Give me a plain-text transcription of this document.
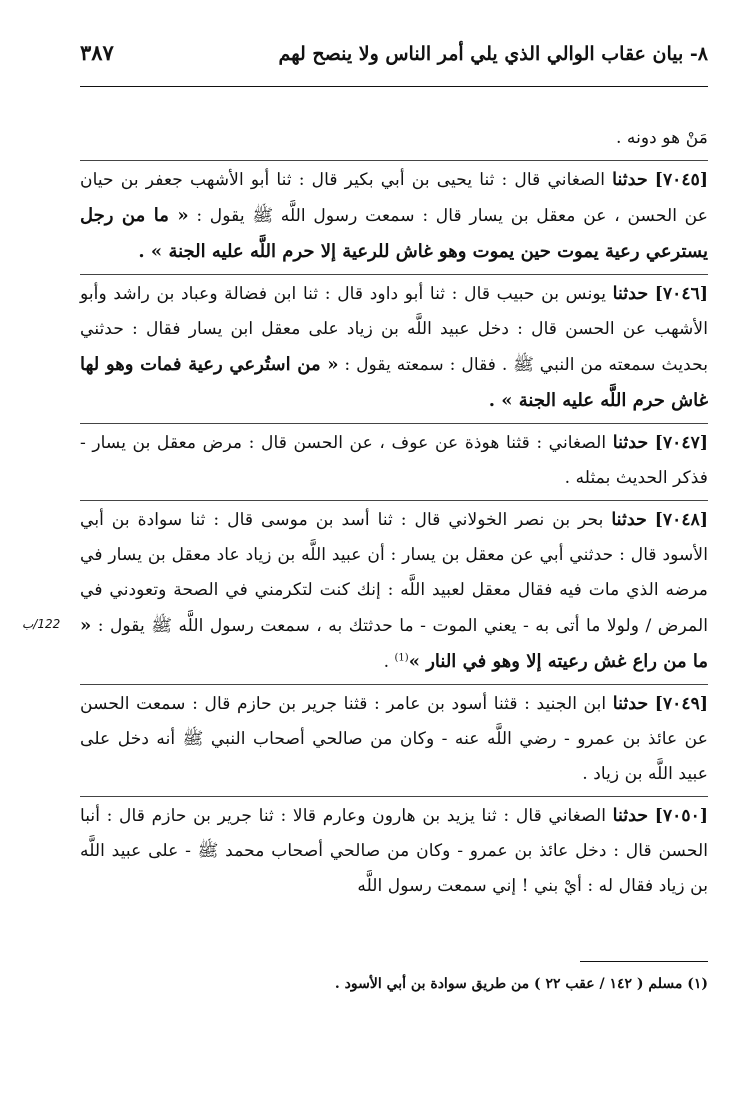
٨- بيان عقاب الوالي الذي يلي أمر الناس ولا ينصح لهم
٣٨٧

مَنْ هو دونه .

[٧٠٤٥] حدثنا الصغاني قال : ثنا يحيى بن أبي بكير قال : ثنا أبو الأشهب جعفر بن حيان عن الحسن ، عن معقل بن يسار قال : سمعت رسول اللَّه ﷺ يقول : « ما من رجل يسترعي رعية يموت حين يموت وهو غاش للرعية إلا حرم اللَّه عليه الجنة » .

[٧٠٤٦] حدثنا يونس بن حبيب قال : ثنا أبو داود قال : ثنا ابن فضالة وعباد بن راشد وأبو الأشهب عن الحسن قال : دخل عبيد اللَّه بن زياد على معقل ابن يسار فقال : حدثني بحديث سمعته من النبي ﷺ . فقال : سمعته يقول : « من استُرعي رعية فمات وهو لها غاش حرم اللَّه عليه الجنة » .

[٧٠٤٧] حدثنا الصغاني : قثنا هوذة عن عوف ، عن الحسن قال : مرض معقل بن يسار - فذكر الحديث بمثله .

[٧٠٤٨] حدثنا بحر بن نصر الخولاني قال : ثنا أسد بن موسى قال : ثنا سوادة بن أبي الأسود قال : حدثني أبي عن معقل بن يسار : أن عبيد اللَّه بن زياد عاد معقل بن يسار في مرضه الذي مات فيه فقال معقل لعبيد اللَّه : إنك كنت لتكرمني في الصحة وتعودني في المرض / ولولا ما أتى به - يعني الموت - ما حدثتك به ، سمعت رسول اللَّه ﷺ يقول : « ما من راع غش رعيته إلا وهو في النار »$^{(1)}$ .

[٧٠٤٩] حدثنا ابن الجنيد : قثنا أسود بن عامر : قثنا جرير بن حازم قال : سمعت الحسن عن عائذ بن عمرو - رضي اللَّه عنه - وكان من صالحي أصحاب النبي ﷺ أنه دخل على عبيد اللَّه بن زياد .

[٧٠٥٠] حدثنا الصغاني قال : ثنا يزيد بن هارون وعارم قالا : ثنا جرير بن حازم قال : أنبا الحسن قال : دخل عائذ بن عمرو - وكان من صالحي أصحاب محمد ﷺ - على عبيد اللَّه بن زياد فقال له : أيْ بني ! إني سمعت رسول اللَّه

122/ب
(١) مسلم ( ١٤٢ / عقب ٢٢ ) من طريق سوادة بن أبي الأسود .
